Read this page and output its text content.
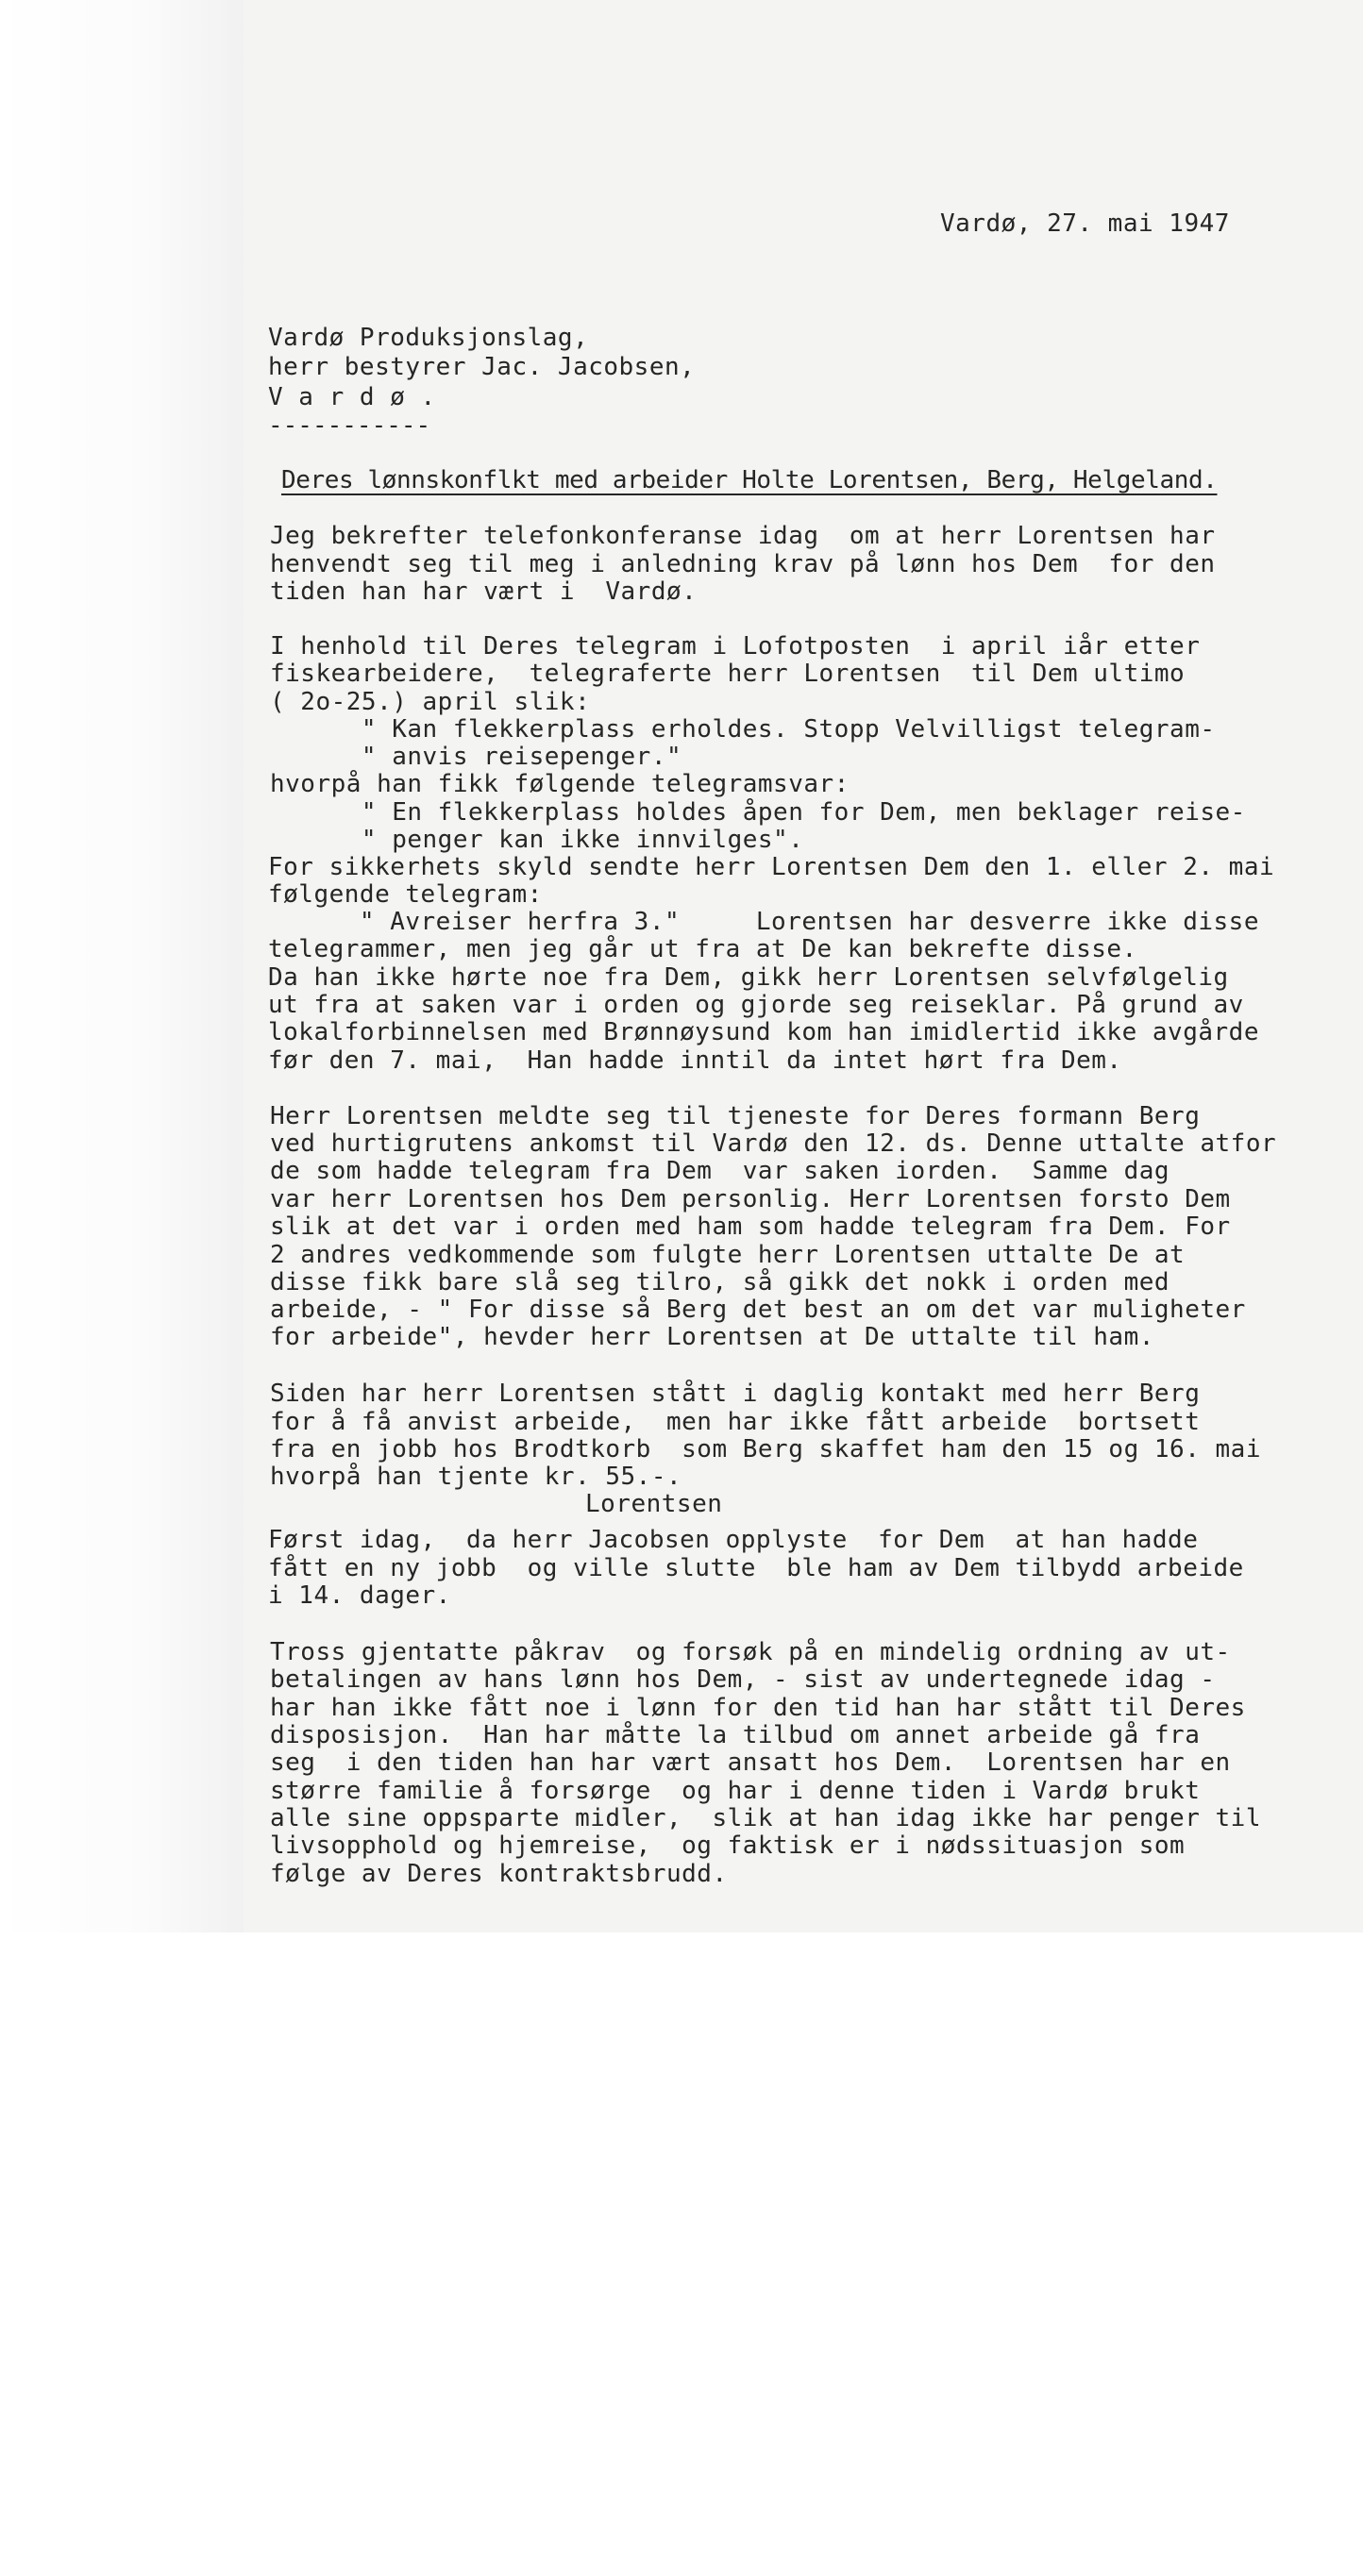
Vardø, 27. mai 1947

Vardø Produksjonslag,

herr bestyrer Jac. Jacobsen,

V a r d ø .

-----------

Deres lønnskonflkt med arbeider Holte Lorentsen, Berg, Helgeland.

Jeg bekrefter telefonkonferanse idag  om at herr Lorentsen har

henvendt seg til meg i anledning krav på lønn hos Dem  for den

tiden han har vært i  Vardø.

I henhold til Deres telegram i Lofotposten  i april iår etter

fiskearbeidere,  telegraferte herr Lorentsen  til Dem ultimo

( 2o-25.) april slik:

" Kan flekkerplass erholdes. Stopp Velvilligst telegram-

" anvis reisepenger."

hvorpå han fikk følgende telegramsvar:

" En flekkerplass holdes åpen for Dem, men beklager reise-

" penger kan ikke innvilges".

For sikkerhets skyld sendte herr Lorentsen Dem den 1. eller 2. mai

følgende telegram:

" Avreiser herfra 3."     Lorentsen har desverre ikke disse

telegrammer, men jeg går ut fra at De kan bekrefte disse.

Da han ikke hørte noe fra Dem, gikk herr Lorentsen selvfølgelig

ut fra at saken var i orden og gjorde seg reiseklar. På grund av

lokalforbinnelsen med Brønnøysund kom han imidlertid ikke avgårde

før den 7. mai,  Han hadde inntil da intet hørt fra Dem.

Herr Lorentsen meldte seg til tjeneste for Deres formann Berg

ved hurtigrutens ankomst til Vardø den 12. ds. Denne uttalte atfor

de som hadde telegram fra Dem  var saken iorden.  Samme dag

var herr Lorentsen hos Dem personlig. Herr Lorentsen forsto Dem

slik at det var i orden med ham som hadde telegram fra Dem. For

2 andres vedkommende som fulgte herr Lorentsen uttalte De at

disse fikk bare slå seg tilro, så gikk det nokk i orden med

arbeide, - " For disse så Berg det best an om det var muligheter

for arbeide", hevder herr Lorentsen at De uttalte til ham.

Siden har herr Lorentsen stått i daglig kontakt med herr Berg

for å få anvist arbeide,  men har ikke fått arbeide  bortsett

fra en jobb hos Brodtkorb  som Berg skaffet ham den 15 og 16. mai

hvorpå han tjente kr. 55.-.

Lorentsen

Først idag,  da herr Jacobsen opplyste  for Dem  at han hadde

fått en ny jobb  og ville slutte  ble ham av Dem tilbydd arbeide

i 14. dager.

Tross gjentatte påkrav  og forsøk på en mindelig ordning av ut-

betalingen av hans lønn hos Dem, - sist av undertegnede idag -

har han ikke fått noe i lønn for den tid han har stått til Deres

disposisjon.  Han har måtte la tilbud om annet arbeide gå fra

seg  i den tiden han har vært ansatt hos Dem.  Lorentsen har en

større familie å forsørge  og har i denne tiden i Vardø brukt

alle sine oppsparte midler,  slik at han idag ikke har penger til

livsopphold og hjemreise,  og faktisk er i nødssituasjon som

følge av Deres kontraktsbrudd.
